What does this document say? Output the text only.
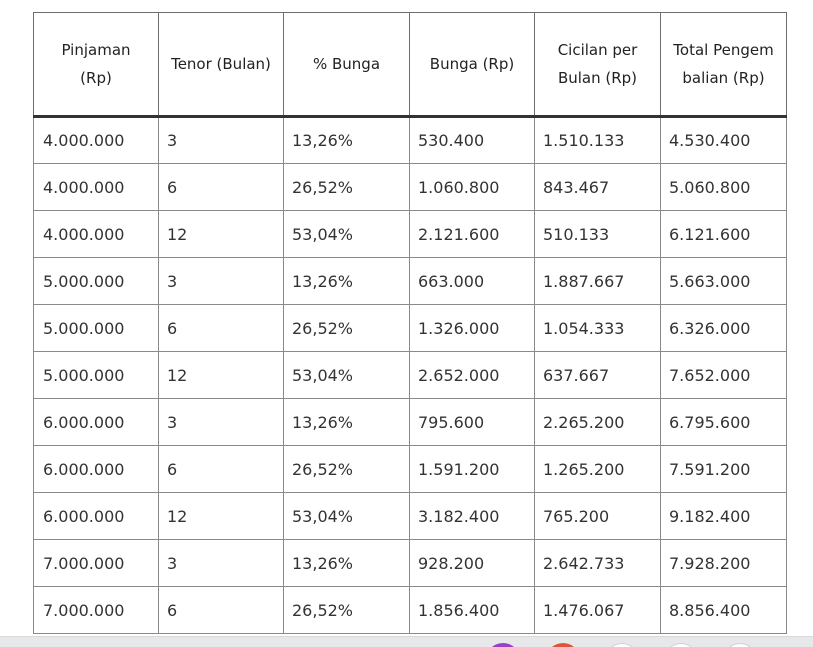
Pinjaman (Rp)	Tenor (Bulan)	% Bunga	Bunga (Rp)	Cicilan per Bulan (Rp)	Total Pengembalian (Rp)
4.000.000	3	13,26%	530.400	1.510.133	4.530.400
4.000.000	6	26,52%	1.060.800	843.467	5.060.800
4.000.000	12	53,04%	2.121.600	510.133	6.121.600
5.000.000	3	13,26%	663.000	1.887.667	5.663.000
5.000.000	6	26,52%	1.326.000	1.054.333	6.326.000
5.000.000	12	53,04%	2.652.000	637.667	7.652.000
6.000.000	3	13,26%	795.600	2.265.200	6.795.600
6.000.000	6	26,52%	1.591.200	1.265.200	7.591.200
6.000.000	12	53,04%	3.182.400	765.200	9.182.400
7.000.000	3	13,26%	928.200	2.642.733	7.928.200
7.000.000	6	26,52%	1.856.400	1.476.067	8.856.400
